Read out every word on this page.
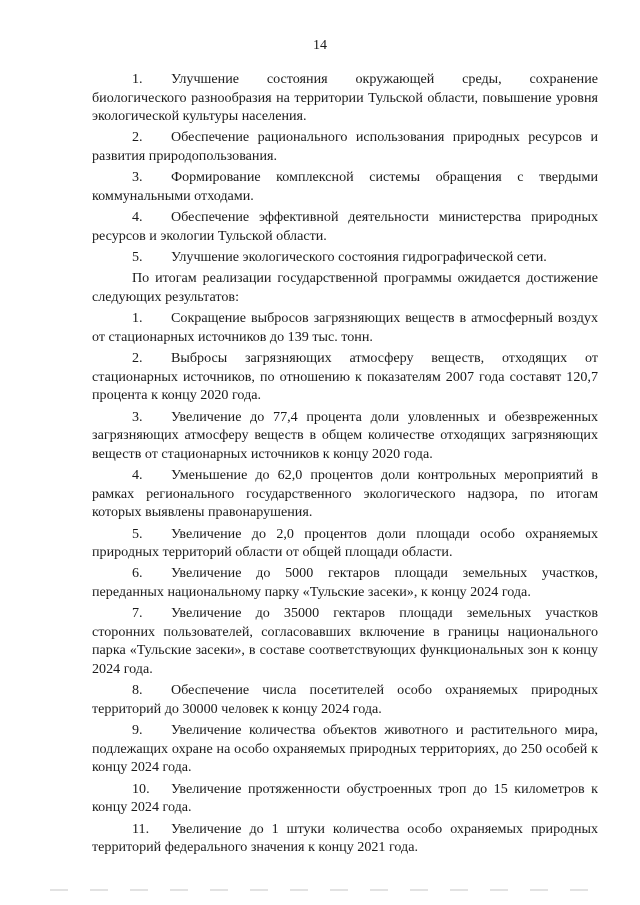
14

1. Улучшение состояния окружающей среды, сохранение биологического разнообразия на территории Тульской области, повышение уровня экологической культуры населения.

2. Обеспечение рационального использования природных ресурсов и развития природопользования.

3. Формирование комплексной системы обращения с твердыми коммунальными отходами.

4. Обеспечение эффективной деятельности министерства природных ресурсов и экологии Тульской области.

5. Улучшение экологического состояния гидрографической сети.

По итогам реализации государственной программы ожидается достижение следующих результатов:

1. Сокращение выбросов загрязняющих веществ в атмосферный воздух от стационарных источников до 139 тыс. тонн.

2. Выбросы загрязняющих атмосферу веществ, отходящих от стационарных источников, по отношению к показателям 2007 года составят 120,7 процента к концу 2020 года.

3. Увеличение до 77,4 процента доли уловленных и обезвреженных загрязняющих атмосферу веществ в общем количестве отходящих загрязняющих веществ от стационарных источников к концу 2020 года.

4. Уменьшение до 62,0 процентов доли контрольных мероприятий в рамках регионального государственного экологического надзора, по итогам которых выявлены правонарушения.

5. Увеличение до 2,0 процентов доли площади особо охраняемых природных территорий области от общей площади области.

6. Увеличение до 5000 гектаров площади земельных участков, переданных национальному парку «Тульские засеки», к концу 2024 года.

7. Увеличение до 35000 гектаров площади земельных участков сторонних пользователей, согласовавших включение в границы национального парка «Тульские засеки», в составе соответствующих функциональных зон к концу 2024 года.

8. Обеспечение числа посетителей особо охраняемых природных территорий до 30000 человек к концу 2024 года.

9. Увеличение количества объектов животного и растительного мира, подлежащих охране на особо охраняемых природных территориях, до 250 особей к концу 2024 года.

10. Увеличение протяженности обустроенных троп до 15 километров к концу 2024 года.

11. Увеличение до 1 штуки количества особо охраняемых природных территорий федерального значения к концу 2021 года.
